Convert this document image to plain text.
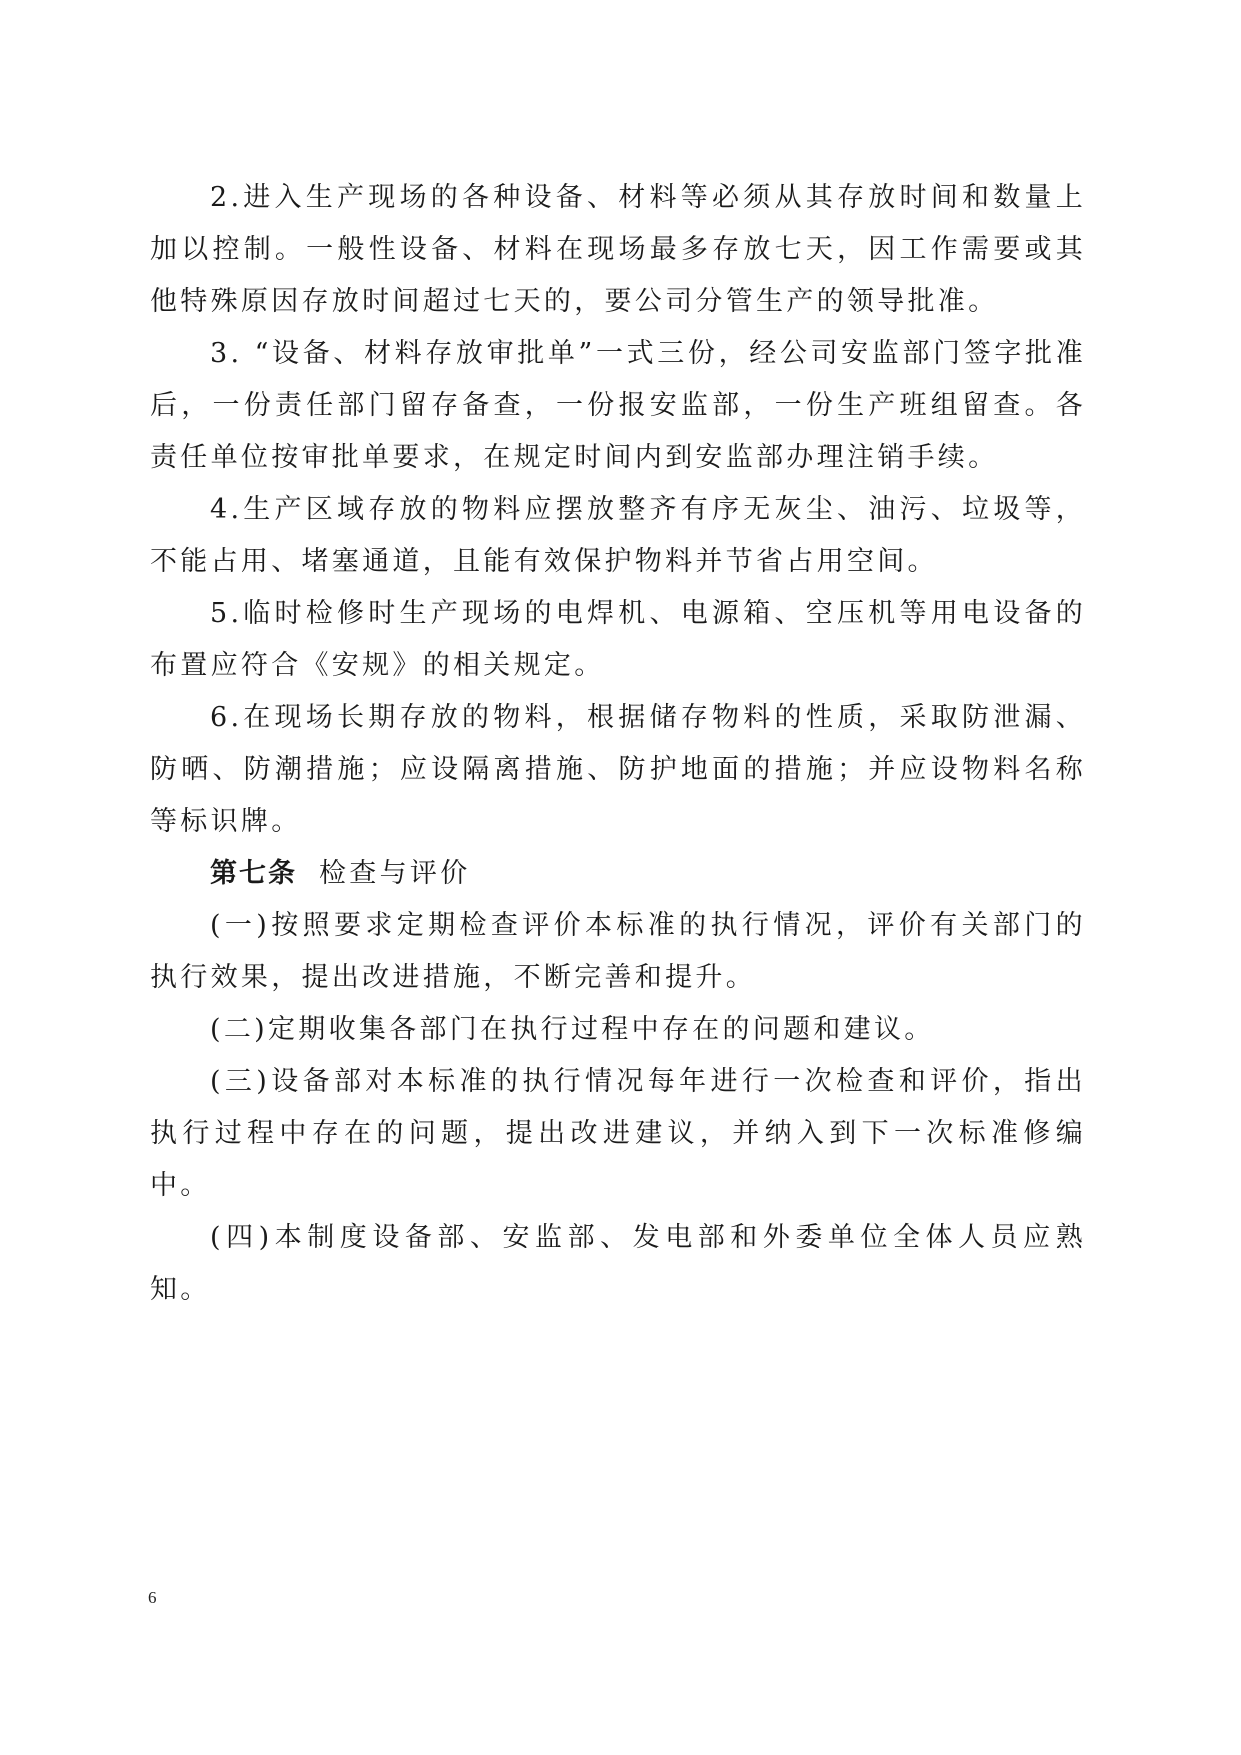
2.进入生产现场的各种设备、材料等必须从其存放时间和数量上加以控制。一般性设备、材料在现场最多存放七天，因工作需要或其他特殊原因存放时间超过七天的，要公司分管生产的领导批准。

3. “设备、材料存放审批单”一式三份，经公司安监部门签字批准后，一份责任部门留存备查，一份报安监部，一份生产班组留查。各责任单位按审批单要求，在规定时间内到安监部办理注销手续。

4.生产区域存放的物料应摆放整齐有序无灰尘、油污、垃圾等，不能占用、堵塞通道，且能有效保护物料并节省占用空间。

5.临时检修时生产现场的电焊机、电源箱、空压机等用电设备的布置应符合《安规》的相关规定。

6.在现场长期存放的物料，根据储存物料的性质，采取防泄漏、防晒、防潮措施；应设隔离措施、防护地面的措施；并应设物料名称等标识牌。

第七条 检查与评价

(一)按照要求定期检查评价本标准的执行情况，评价有关部门的执行效果，提出改进措施，不断完善和提升。

(二)定期收集各部门在执行过程中存在的问题和建议。

(三)设备部对本标准的执行情况每年进行一次检查和评价，指出执行过程中存在的问题，提出改进建议，并纳入到下一次标准修编中。

(四)本制度设备部、安监部、发电部和外委单位全体人员应熟知。

6
